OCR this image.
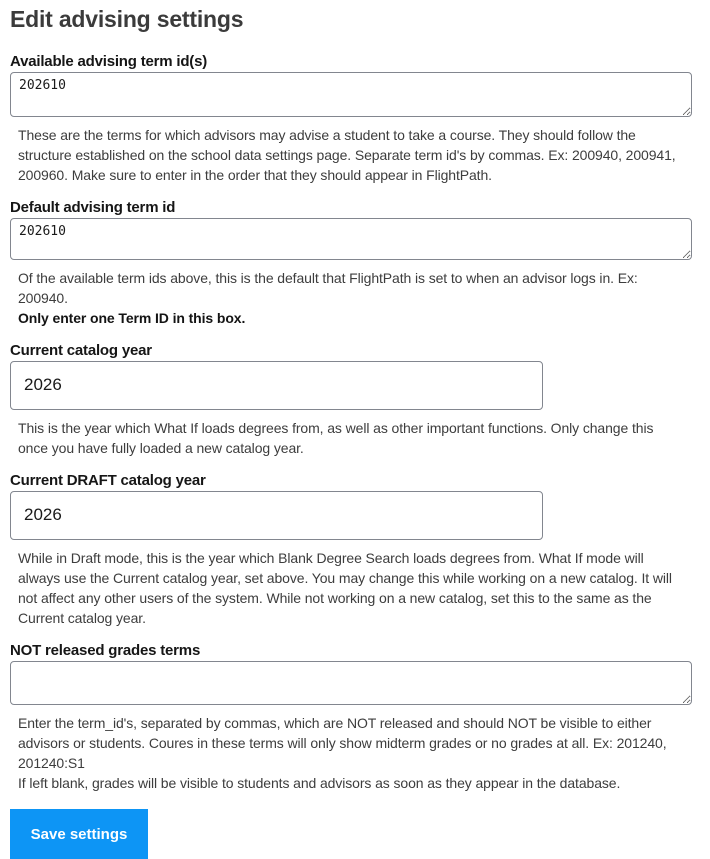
Edit advising settings
Available advising term id(s)
202610
These are the terms for which advisors may advise a student to take a course. They should follow the structure established on the school data settings page. Separate term id's by commas. Ex: 200940, 200941, 200960. Make sure to enter in the order that they should appear in FlightPath.
Default advising term id
202610
Of the available term ids above, this is the default that FlightPath is set to when an advisor logs in. Ex: 200940.
Only enter one Term ID in this box.
Current catalog year
2026
This is the year which What If loads degrees from, as well as other important functions. Only change this once you have fully loaded a new catalog year.
Current DRAFT catalog year
2026
While in Draft mode, this is the year which Blank Degree Search loads degrees from. What If mode will always use the Current catalog year, set above. You may change this while working on a new catalog. It will not affect any other users of the system. While not working on a new catalog, set this to the same as the Current catalog year.
NOT released grades terms
Enter the term_id's, separated by commas, which are NOT released and should NOT be visible to either advisors or students. Coures in these terms will only show midterm grades or no grades at all. Ex: 201240, 201240:S1
If left blank, grades will be visible to students and advisors as soon as they appear in the database.
Save settings
